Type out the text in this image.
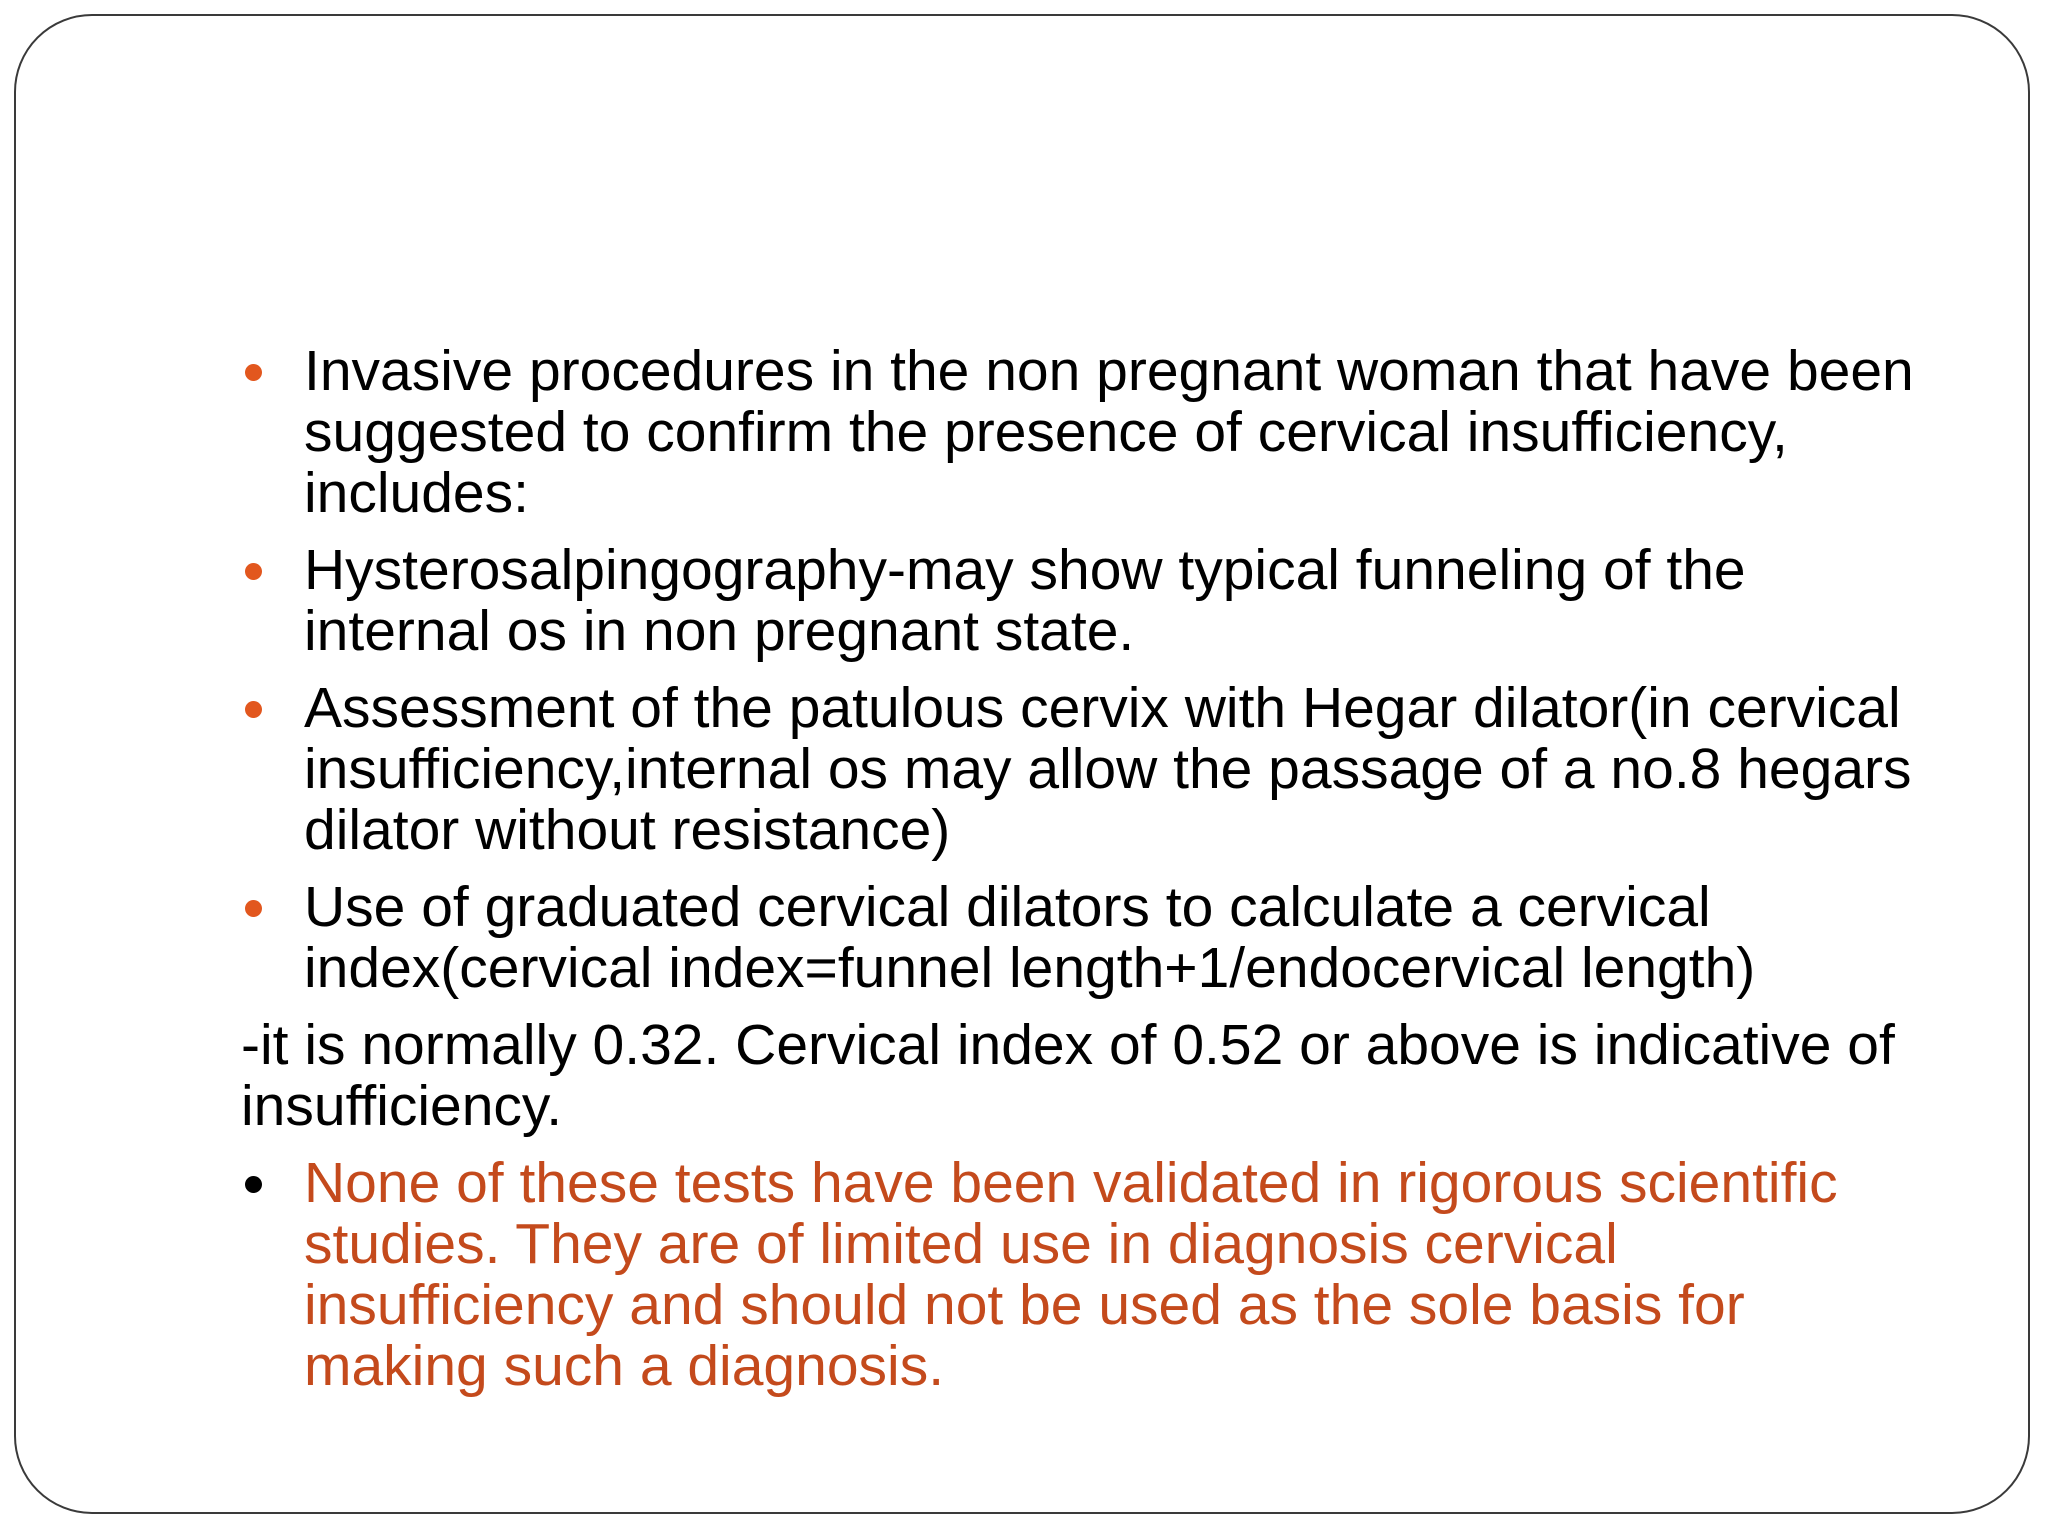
Invasive procedures in the non pregnant woman that have been suggested to confirm the presence of cervical insufficiency, includes:
Hysterosalpingography-may show typical funneling of the internal os in non pregnant state.
Assessment of the patulous cervix with Hegar dilator(in cervical insufficiency,internal os may allow the passage of a no.8 hegars dilator without resistance)
Use of graduated cervical dilators to calculate a cervical index(cervical index=funnel length+1/endocervical length)
-it is normally 0.32. Cervical index of 0.52 or above is indicative of insufficiency.
None of these tests have been validated in rigorous scientific studies. They are of limited use in diagnosis cervical insufficiency and should not be used as the sole basis for making such a diagnosis.
